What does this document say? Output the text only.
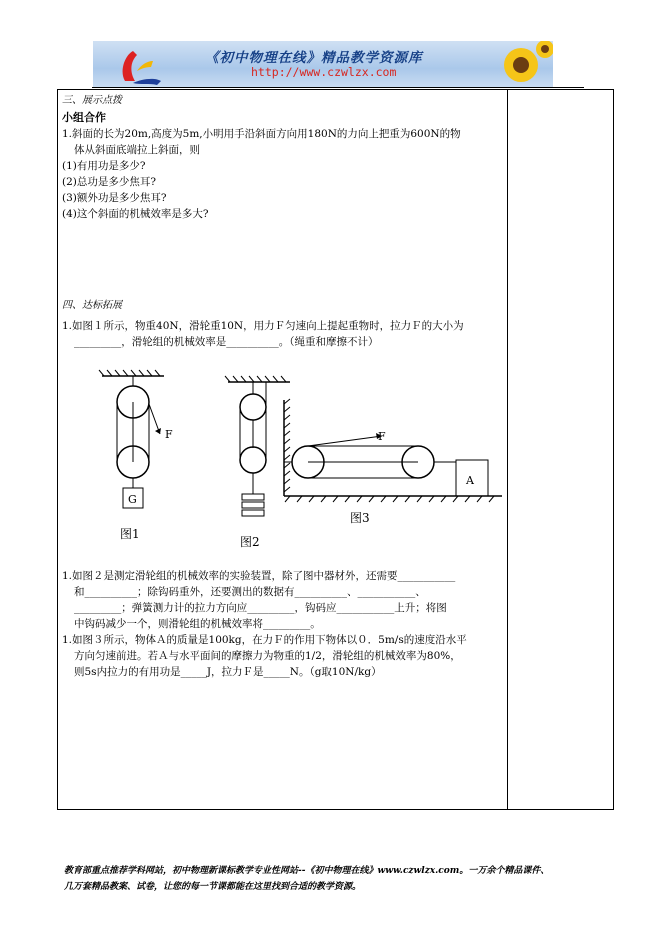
《初中物理在线》精品教学资源库
http://www.czwlzx.com

三、展示点拨

小组合作

1.斜面的长为20m,高度为5m,小明用手沿斜面方向用180N的力向上把重为600N的物

体从斜面底端拉上斜面，则

(1)有用功是多少?

(2)总功是多少焦耳?

(3)额外功是多少焦耳?

(4)这个斜面的机械效率是多大?

四、达标拓展

1.如图１所示，物重40N，滑轮重10N，用力Ｆ匀速向上提起重物时，拉力Ｆ的大小为

_________，滑轮组的机械效率是__________。（绳重和摩擦不计）

G
F
图1
图2
A
F
图3

1.如图２是测定滑轮组的机械效率的实验装置，除了图中器材外，还需要___________

和__________；除钩码重外，还要测出的数据有__________、___________、

_________；弹簧测力计的拉力方向应_________，钩码应___________上升；将图

中钩码减少一个，则滑轮组的机械效率将_________。

1.如图３所示，物体Ａ的质量是100kg，在力Ｆ的作用下物体以０．5m/s的速度沿水平

方向匀速前进。若Ａ与水平面间的摩擦力为物重的1/2，滑轮组的机械效率为80%，

则5s内拉力的有用功是_____J，拉力Ｆ是_____N。（g取10N/kg）

教育部重点推荐学科网站，初中物理新课标教学专业性网站--《初中物理在线》www.czwlzx.com。一万余个精品课件、

几万套精品教案、试卷，让您的每一节课都能在这里找到合适的教学资源。
